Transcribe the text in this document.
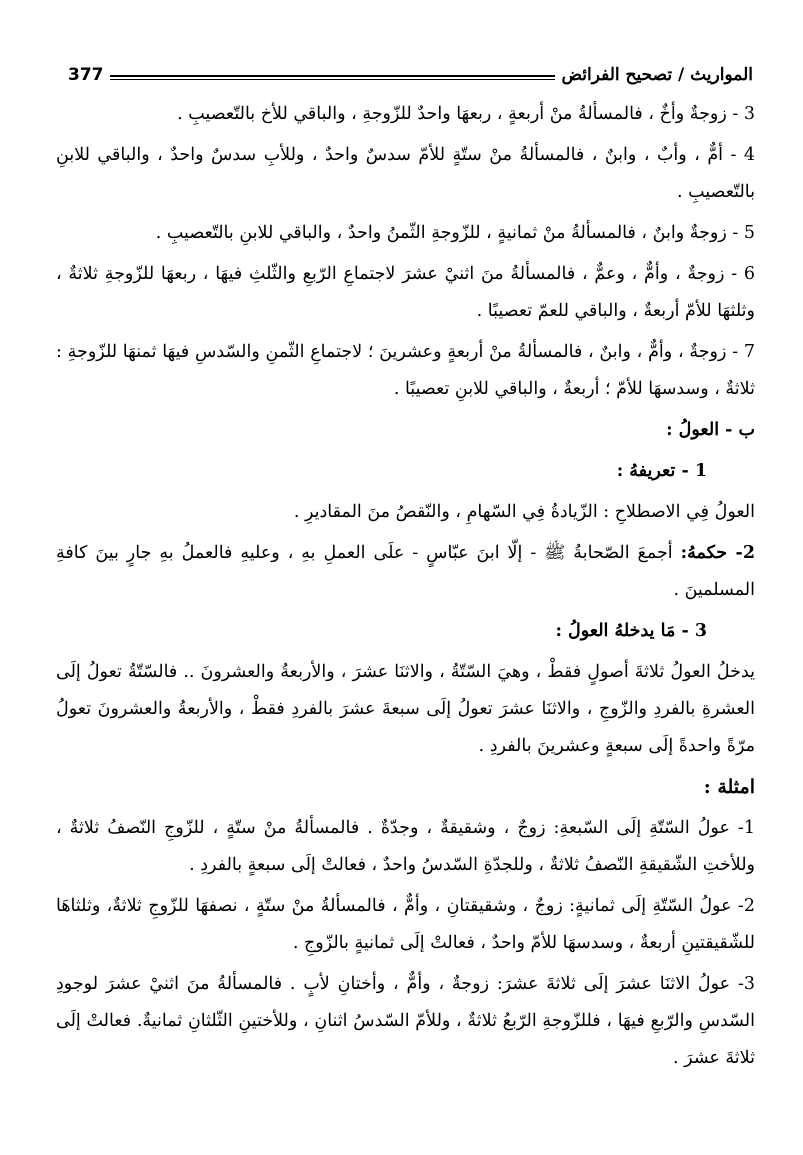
المواريث / تصحيح الفرائض
377

3 - زوجةٌ وأخٌ ، فالمسألةُ منْ أربعةٍ ، ربعهَا واحدٌ للزّوجةِ ، والباقي للأخ بالتّعصيبِ .

4 - أمٌّ ، وأبٌ ، وابنٌ ، فالمسألةُ منْ ستّةٍ للأمّ سدسٌ واحدٌ ، وللأبِ سدسٌ واحدٌ ، والباقي للابنِ بالتّعصيبِ .

5 - زوجةٌ وابنٌ ، فالمسألةُ منْ ثمانيةٍ ، للزّوجةِ الثّمنُ واحدٌ ، والباقي للابنِ بالتّعصيبِ .

6 - زوجةٌ ، وأمٌّ ، وعمٌّ ، فالمسألةُ منَ اثنيْ عشرَ لاجتماعِ الرّبعِ والثّلثِ فيهَا ، ربعهَا للزّوجةِ ثلاثةٌ ، وثلثهَا للأمّ أربعةٌ ، والباقي للعمّ تعصيبًا .

7 - زوجةٌ ، وأمٌّ ، وابنٌ ، فالمسألةُ منْ أربعةٍ وعشرينَ ؛ لاجتماعِ الثّمنِ والسّدسِ فيهَا ثمنهَا للزّوجةِ : ثلاثةٌ ، وسدسهَا للأمّ ؛ أربعةٌ ، والباقي للابنِ تعصيبًا .

ب - العولُ :

1 - تعريفهُ :

العولُ فِي الاصطلاحِ : الزّيادةُ فِي السّهامِ ، والنّقصُ منَ المقاديرِ .

2- حكمهُ: أجمعَ الصّحابةُ ﷺ - إلّا ابنَ عبّاسٍ - علَى العملِ بهِ ، وعليهِ فالعملُ بهِ جارٍ بينَ كافةِ المسلمينَ .

3 - مَا يدخلهُ العولُ :

يدخلُ العولُ ثلاثةَ أصولٍ فقطْ ، وهيَ السّتّةُ ، والاثنَا عشرَ ، والأربعةُ والعشرونَ .. فالسّتّةُ تعولُ إلَى العشرةِ بالفردِ والزّوجِ ، والاثنَا عشرَ تعولُ إلَى سبعةَ عشرَ بالفردِ فقطْ ، والأربعةُ والعشرونَ تعولُ مرّةً واحدةً إلَى سبعةٍ وعشرينَ بالفردِ .

امثلة :

1- عولُ السّتّةِ إلَى السّبعةِ: زوجٌ ، وشقيقةٌ ، وجدّةٌ . فالمسألةُ منْ ستّةٍ ، للزّوجِ النّصفُ ثلاثةٌ ، وللأختِ الشّقيقةِ النّصفُ ثلاثةٌ ، وللجدّةِ السّدسُ واحدٌ ، فعالتْ إلَى سبعةٍ بالفردِ .

2- عولُ السّتّةِ إلَى ثمانيةٍ: زوجٌ ، وشقيقتانِ ، وأمٌّ ، فالمسألةُ منْ ستّةٍ ، نصفهَا للزّوجِ ثلاثةٌ، وثلثاهَا للشّقيقتينِ أربعةٌ ، وسدسهَا للأمّ واحدٌ ، فعالتْ إلَى ثمانيةٍ بالزّوجِ .

3- عولُ الاثنَا عشرَ إلَى ثلاثةَ عشرَ: زوجةٌ ، وأمٌّ ، وأختانِ لأبٍ . فالمسألةُ منَ اثنيْ عشرَ لوجودِ السّدسِ والرّبعِ فيهَا ، فللزّوجةِ الرّبعُ ثلاثةٌ ، وللأمّ السّدسُ اثنانِ ، وللأختينِ الثّلثانِ ثمانيةٌ. فعالتْ إلَى ثلاثةَ عشرَ .
